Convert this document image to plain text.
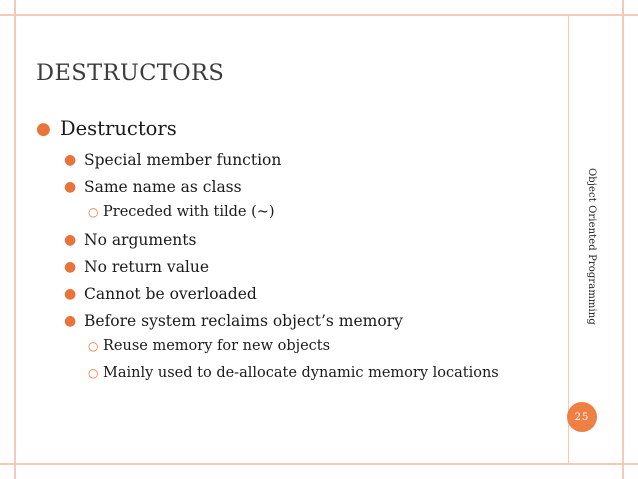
DESTRUCTORS
● Destructors
● Special member function
● Same name as class
○ Preceded with tilde (~)
● No arguments
● No return value
● Cannot be overloaded
● Before system reclaims object’s memory
○ Reuse memory for new objects
○ Mainly used to de-allocate dynamic memory locations
Object Oriented Programming
25
